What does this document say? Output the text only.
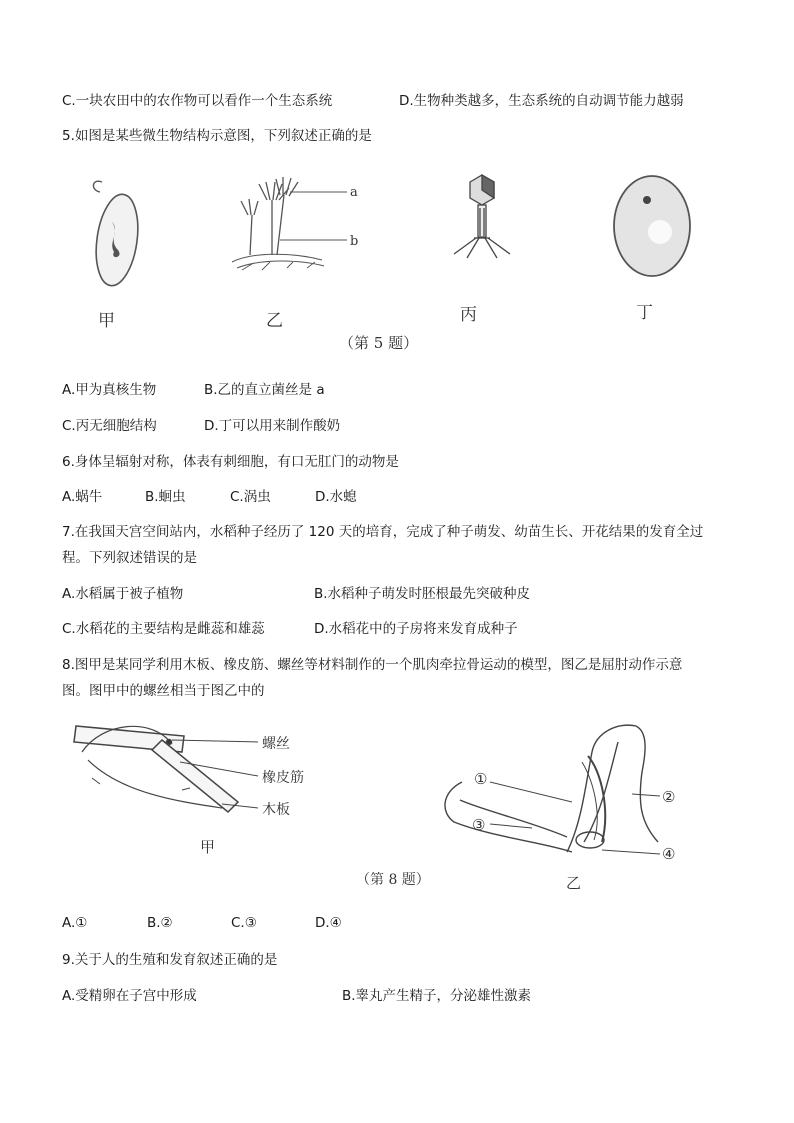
C.一块农田中的农作物可以看作一个生态系统	D.生物种类越多，生态系统的自动调节能力越弱
5.如图是某些微生物结构示意图，下列叙述正确的是
a
b
甲	乙	丙	丁
（第 5 题）
A.甲为真核生物	B.乙的直立菌丝是 a
C.丙无细胞结构	D.丁可以用来制作酸奶
6.身体呈辐射对称，体表有刺细胞，有口无肛门的动物是
A.蜗牛	B.蛔虫	C.涡虫	D.水螅
7.在我国天宫空间站内，水稻种子经历了 120 天的培育，完成了种子萌发、幼苗生长、开花结果的发育全过
程。下列叙述错误的是
A.水稻属于被子植物	B.水稻种子萌发时胚根最先突破种皮
C.水稻花的主要结构是雌蕊和雄蕊	D.水稻花中的子房将来发育成种子
8.图甲是某同学利用木板、橡皮筋、螺丝等材料制作的一个肌肉牵拉骨运动的模型，图乙是屈肘动作示意
图。图甲中的螺丝相当于图乙中的
螺丝
橡皮筋
木板
甲
（第 8 题）
①
②
③
④
乙
A.①	B.②	C.③	D.④
9.关于人的生殖和发育叙述正确的是
A.受精卵在子宫中形成	B.睾丸产生精子，分泌雄性激素
